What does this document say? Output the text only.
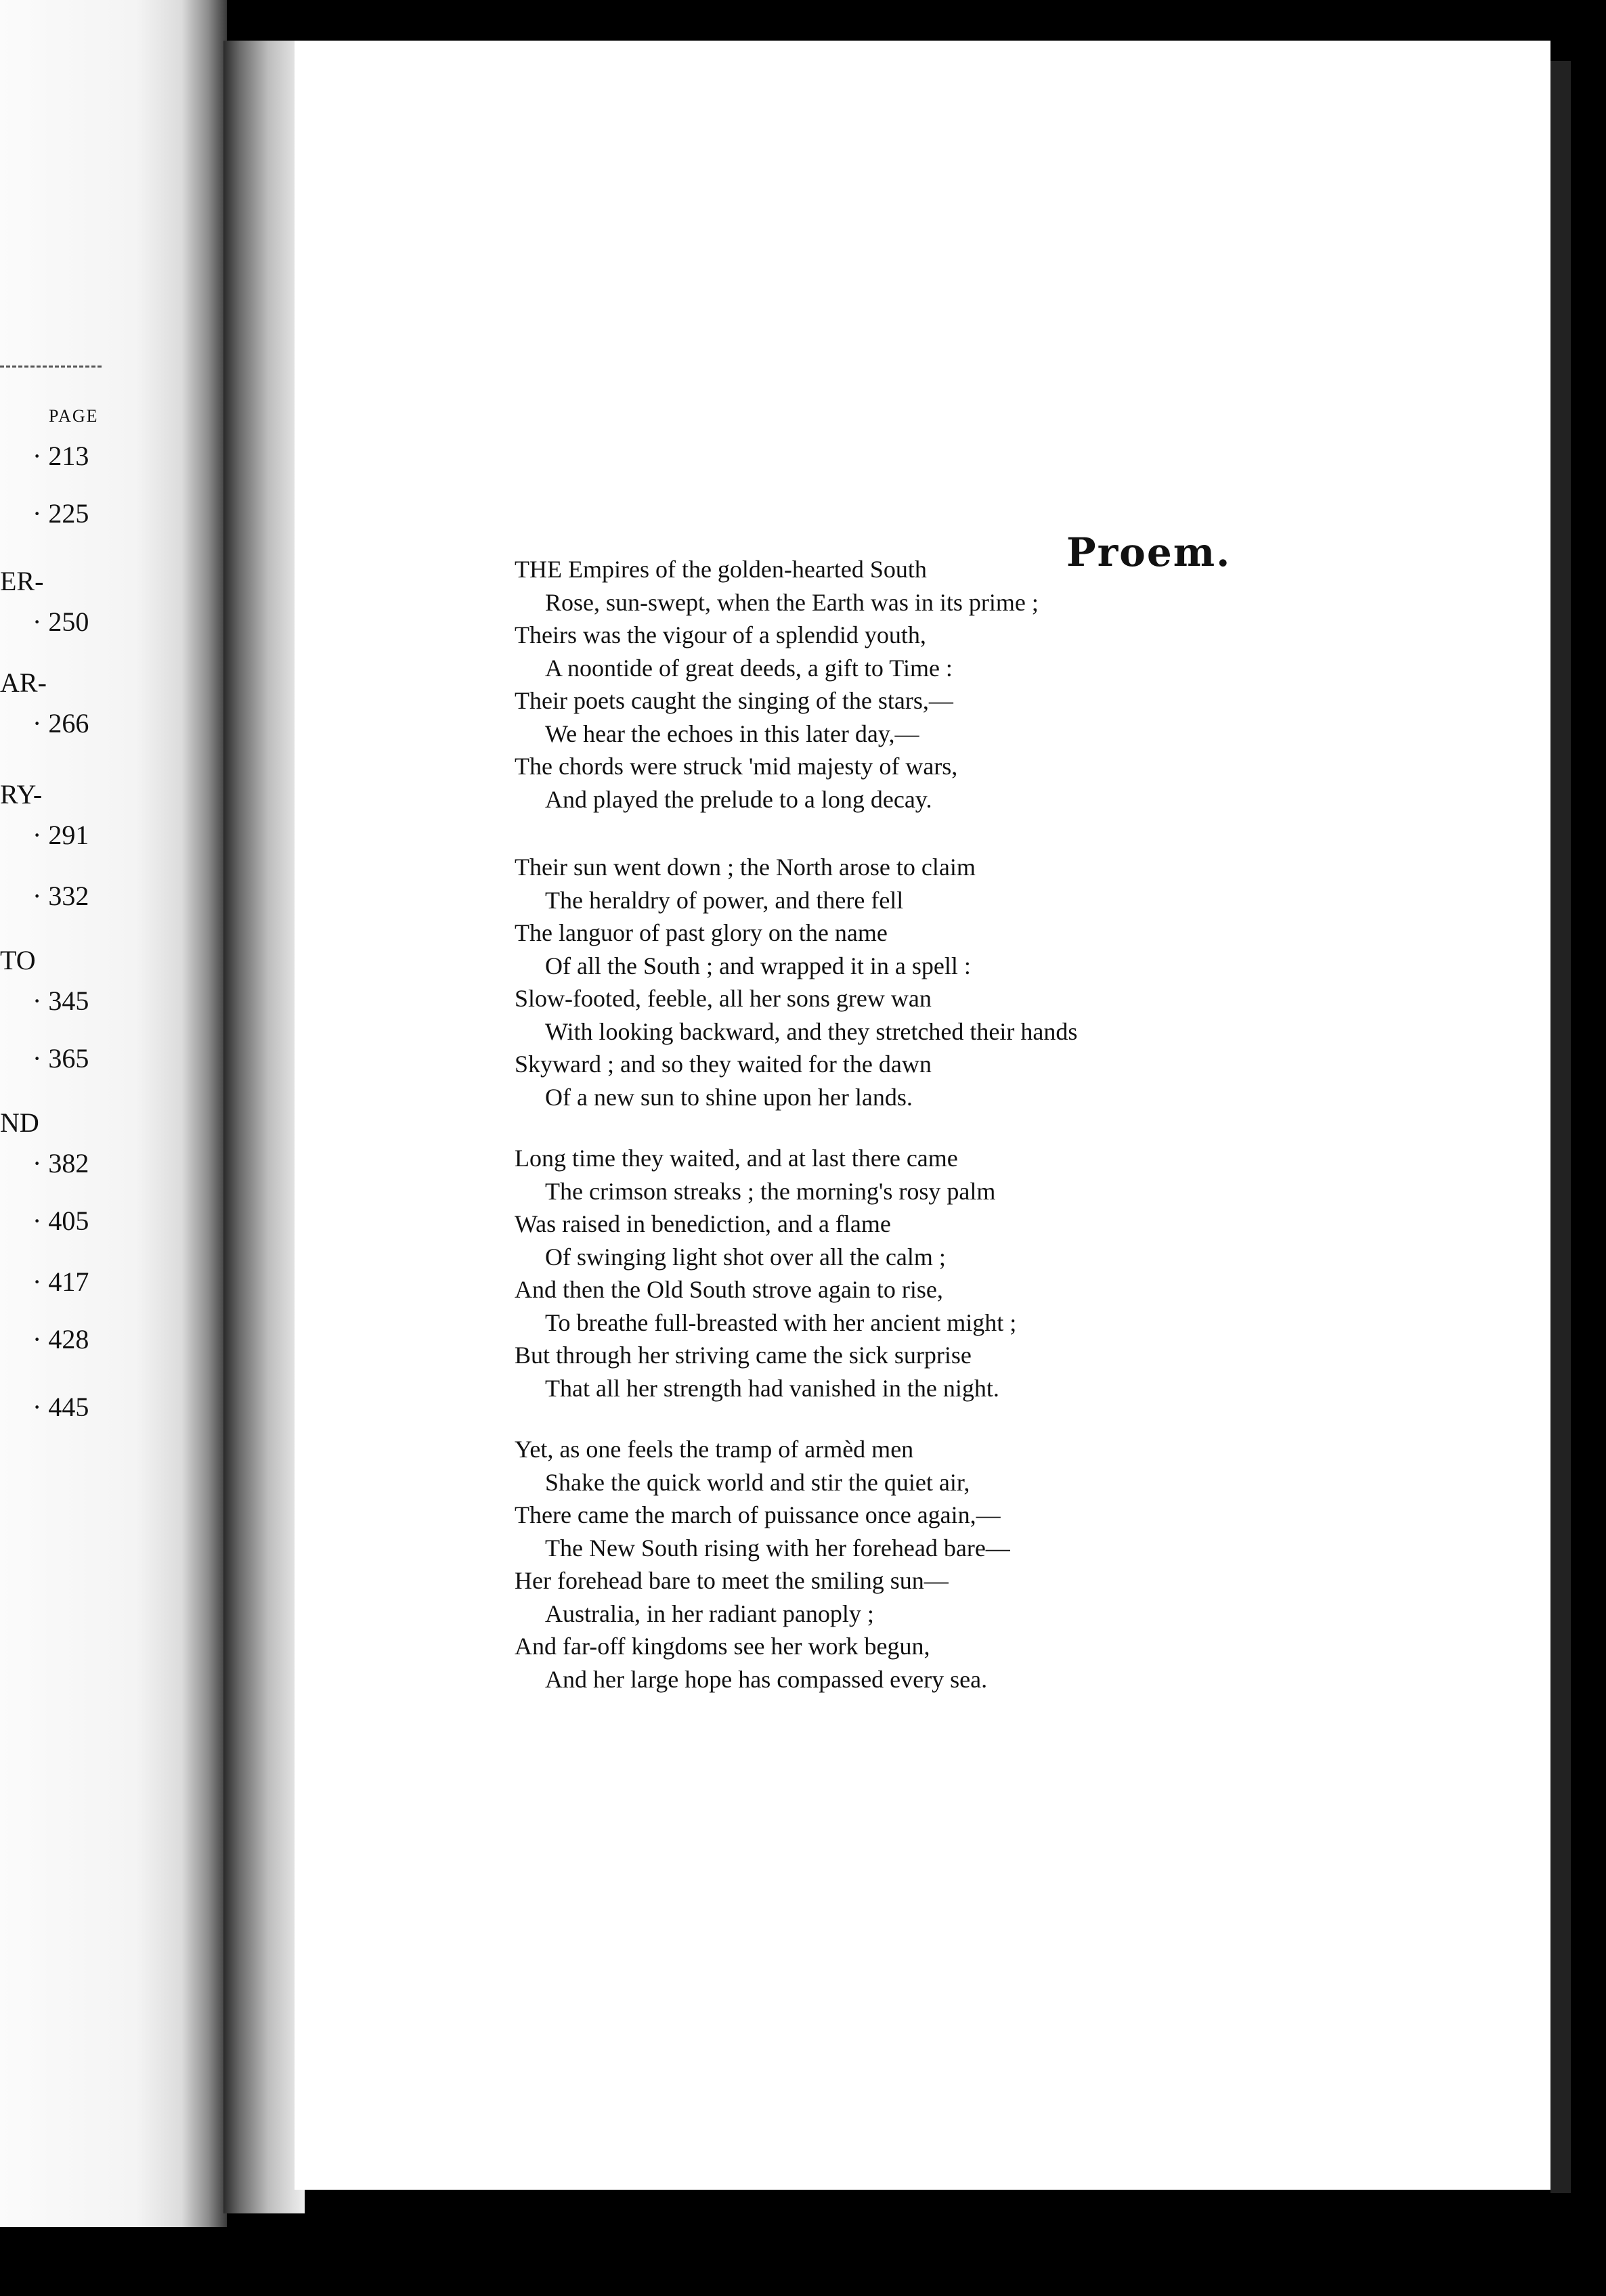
PAGE
· 213
· 225
ER-
· 250
AR-
· 266
RY-
· 291
· 332
TO
· 345
· 365
ND
· 382
· 405
· 417
· 428
· 445
Proem.
THE Empires of the golden-hearted South
Rose, sun-swept, when the Earth was in its prime ;
Theirs was the vigour of a splendid youth,
A noontide of great deeds, a gift to Time :
Their poets caught the singing of the stars,—
We hear the echoes in this later day,—
The chords were struck 'mid majesty of wars,
And played the prelude to a long decay.
Their sun went down ; the North arose to claim
The heraldry of power, and there fell
The languor of past glory on the name
Of all the South ; and wrapped it in a spell :
Slow-footed, feeble, all her sons grew wan
With looking backward, and they stretched their hands
Skyward ; and so they waited for the dawn
Of a new sun to shine upon her lands.
Long time they waited, and at last there came
The crimson streaks ; the morning's rosy palm
Was raised in benediction, and a flame
Of swinging light shot over all the calm ;
And then the Old South strove again to rise,
To breathe full-breasted with her ancient might ;
But through her striving came the sick surprise
That all her strength had vanished in the night.
Yet, as one feels the tramp of armèd men
Shake the quick world and stir the quiet air,
There came the march of puissance once again,—
The New South rising with her forehead bare—
Her forehead bare to meet the smiling sun—
Australia, in her radiant panoply ;
And far-off kingdoms see her work begun,
And her large hope has compassed every sea.
